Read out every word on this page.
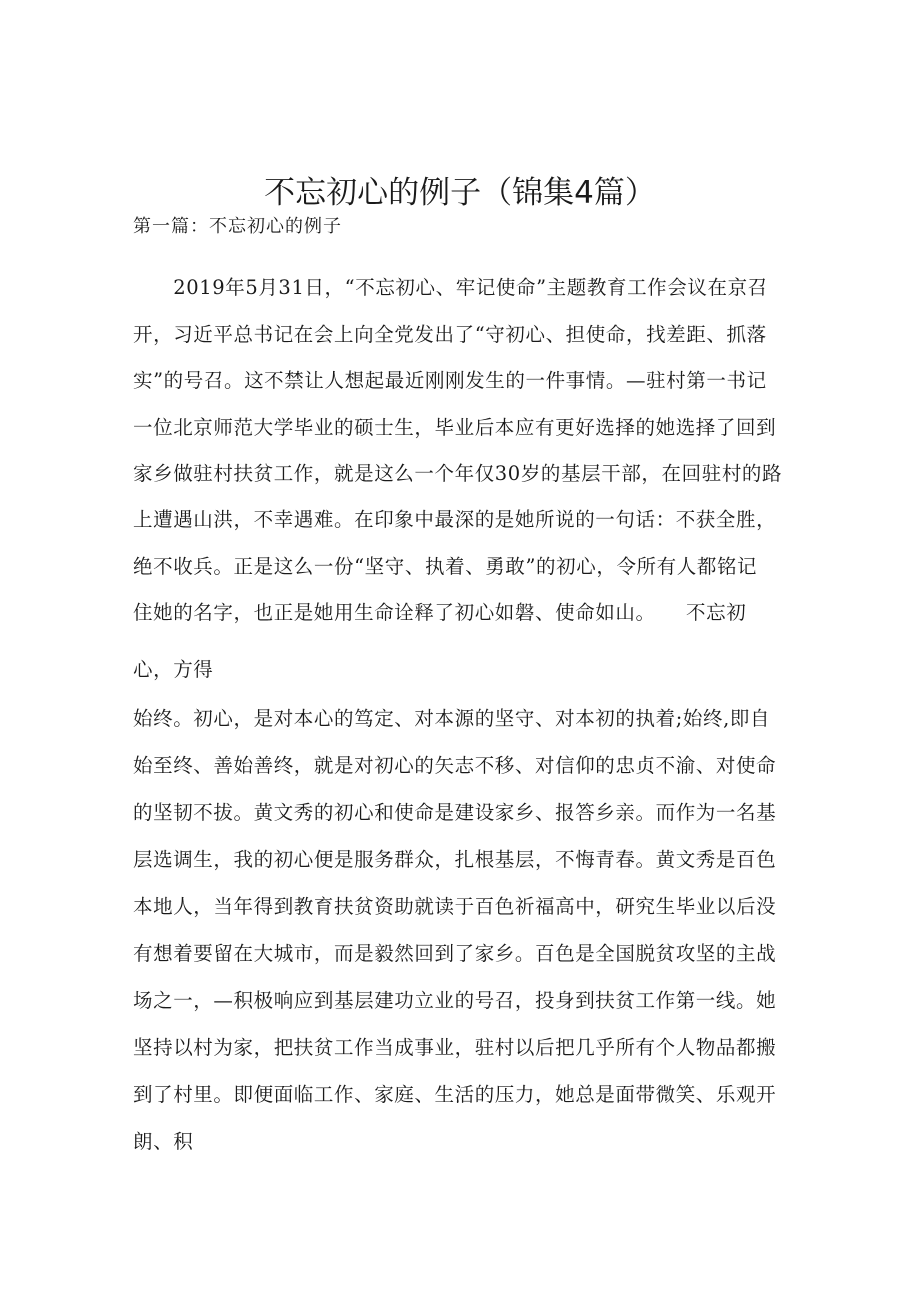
不忘初心的例子（锦集4篇）
第一篇：不忘初心的例子
　　2019年5月31日，“不忘初心、牢记使命”主题教育工作会议在京召
开，习近平总书记在会上向全党发出了“守初心、担使命，找差距、抓落
实”的号召。这不禁让人想起最近刚刚发生的一件事情。—驻村第一书记
一位北京师范大学毕业的硕士生，毕业后本应有更好选择的她选择了回到
家乡做驻村扶贫工作，就是这么一个年仅30岁的基层干部，在回驻村的路
上遭遇山洪，不幸遇难。在印象中最深的是她所说的一句话：不获全胜，
绝不收兵。正是这么一份“坚守、执着、勇敢”的初心，令所有人都铭记
住她的名字，也正是她用生命诠释了初心如磐、使命如山。　　不忘初
心，方得
始终。初心，是对本心的笃定、对本源的坚守、对本初的执着;始终,即自
始至终、善始善终，就是对初心的矢志不移、对信仰的忠贞不渝、对使命
的坚韧不拔。黄文秀的初心和使命是建设家乡、报答乡亲。而作为一名基
层选调生，我的初心便是服务群众，扎根基层，不悔青春。黄文秀是百色
本地人，当年得到教育扶贫资助就读于百色祈福高中，研究生毕业以后没
有想着要留在大城市，而是毅然回到了家乡。百色是全国脱贫攻坚的主战
场之一，—积极响应到基层建功立业的号召，投身到扶贫工作第一线。她
坚持以村为家，把扶贫工作当成事业，驻村以后把几乎所有个人物品都搬
到了村里。即便面临工作、家庭、生活的压力，她总是面带微笑、乐观开
朗、积
